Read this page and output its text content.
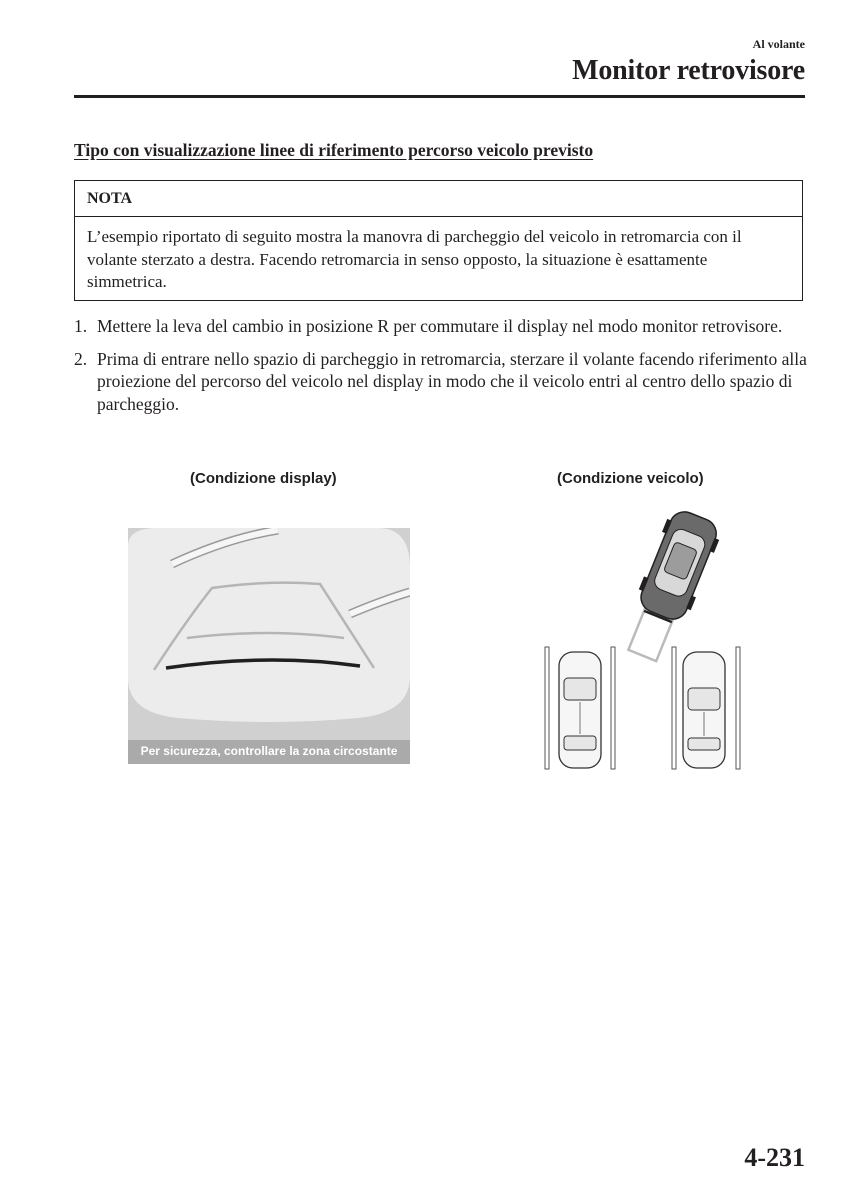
Al volante
Monitor retrovisore
Tipo con visualizzazione linee di riferimento percorso veicolo previsto
NOTA
L’esempio riportato di seguito mostra la manovra di parcheggio del veicolo in retromarcia con il volante sterzato a destra. Facendo retromarcia in senso opposto, la situazione è esattamente simmetrica.
1. Mettere la leva del cambio in posizione R per commutare il display nel modo monitor retrovisore.
2. Prima di entrare nello spazio di parcheggio in retromarcia, sterzare il volante facendo riferimento alla proiezione del percorso del veicolo nel display in modo che il veicolo entri al centro dello spazio di parcheggio.
(Condizione display)	(Condizione veicolo)
Per sicurezza, controllare la zona circostante
4-231
